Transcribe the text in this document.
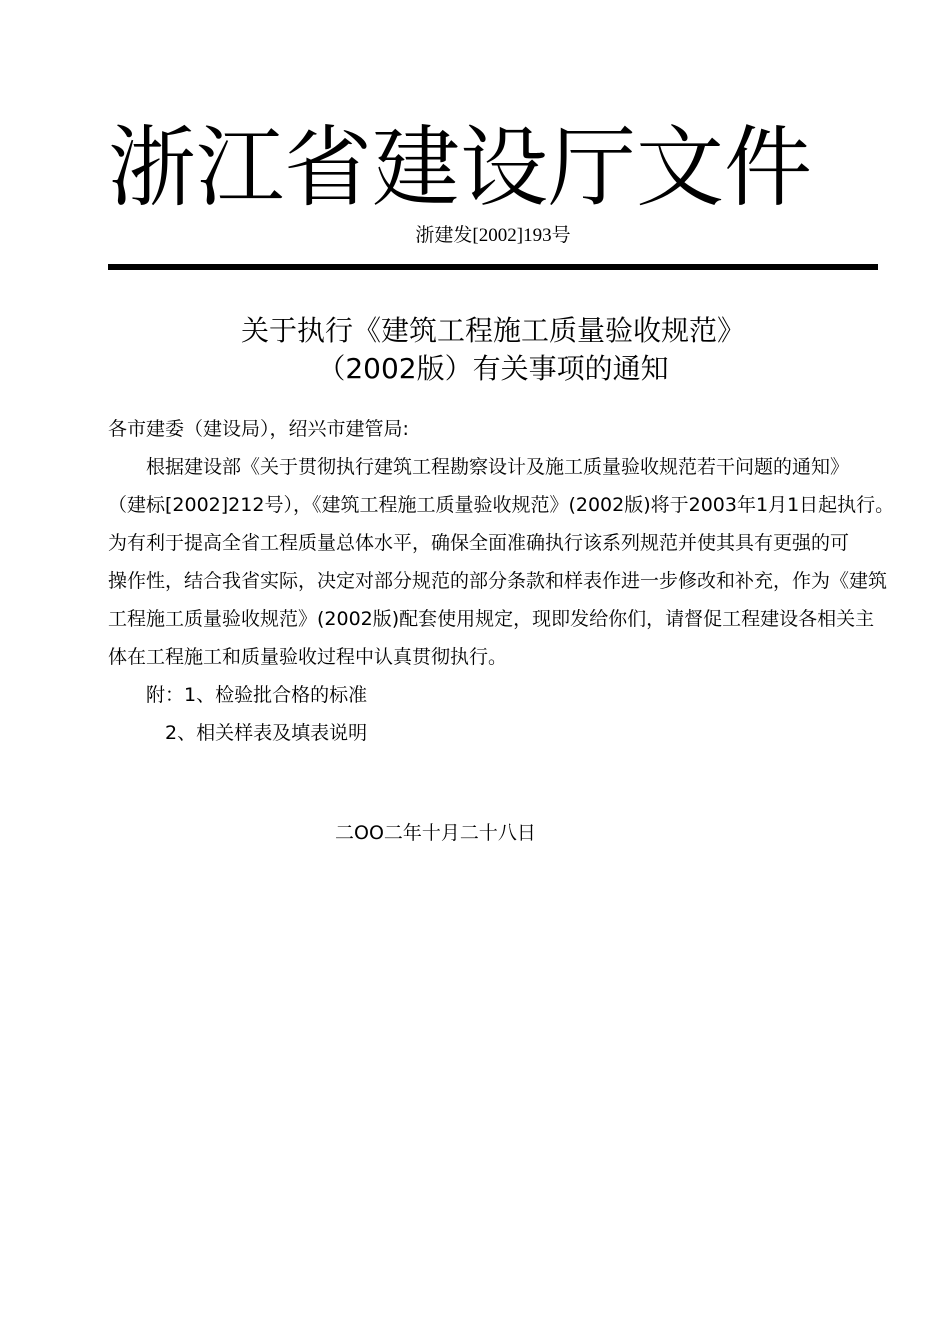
浙江省建设厅文件
浙建发[2002]193号
关于执行《建筑工程施工质量验收规范》
（2002版）有关事项的通知
各市建委（建设局），绍兴市建管局:
根据建设部《关于贯彻执行建筑工程勘察设计及施工质量验收规范若干问题的通知》
（建标[2002]212号），《建筑工程施工质量验收规范》(2002版)将于2003年1月1日起执行。
为有利于提高全省工程质量总体水平，确保全面准确执行该系列规范并使其具有更强的可
操作性，结合我省实际，决定对部分规范的部分条款和样表作进一步修改和补充，作为《建筑
工程施工质量验收规范》(2002版)配套使用规定，现即发给你们，请督促工程建设各相关主
体在工程施工和质量验收过程中认真贯彻执行。
附：1、检验批合格的标准
2、相关样表及填表说明
二OO二年十月二十八日
